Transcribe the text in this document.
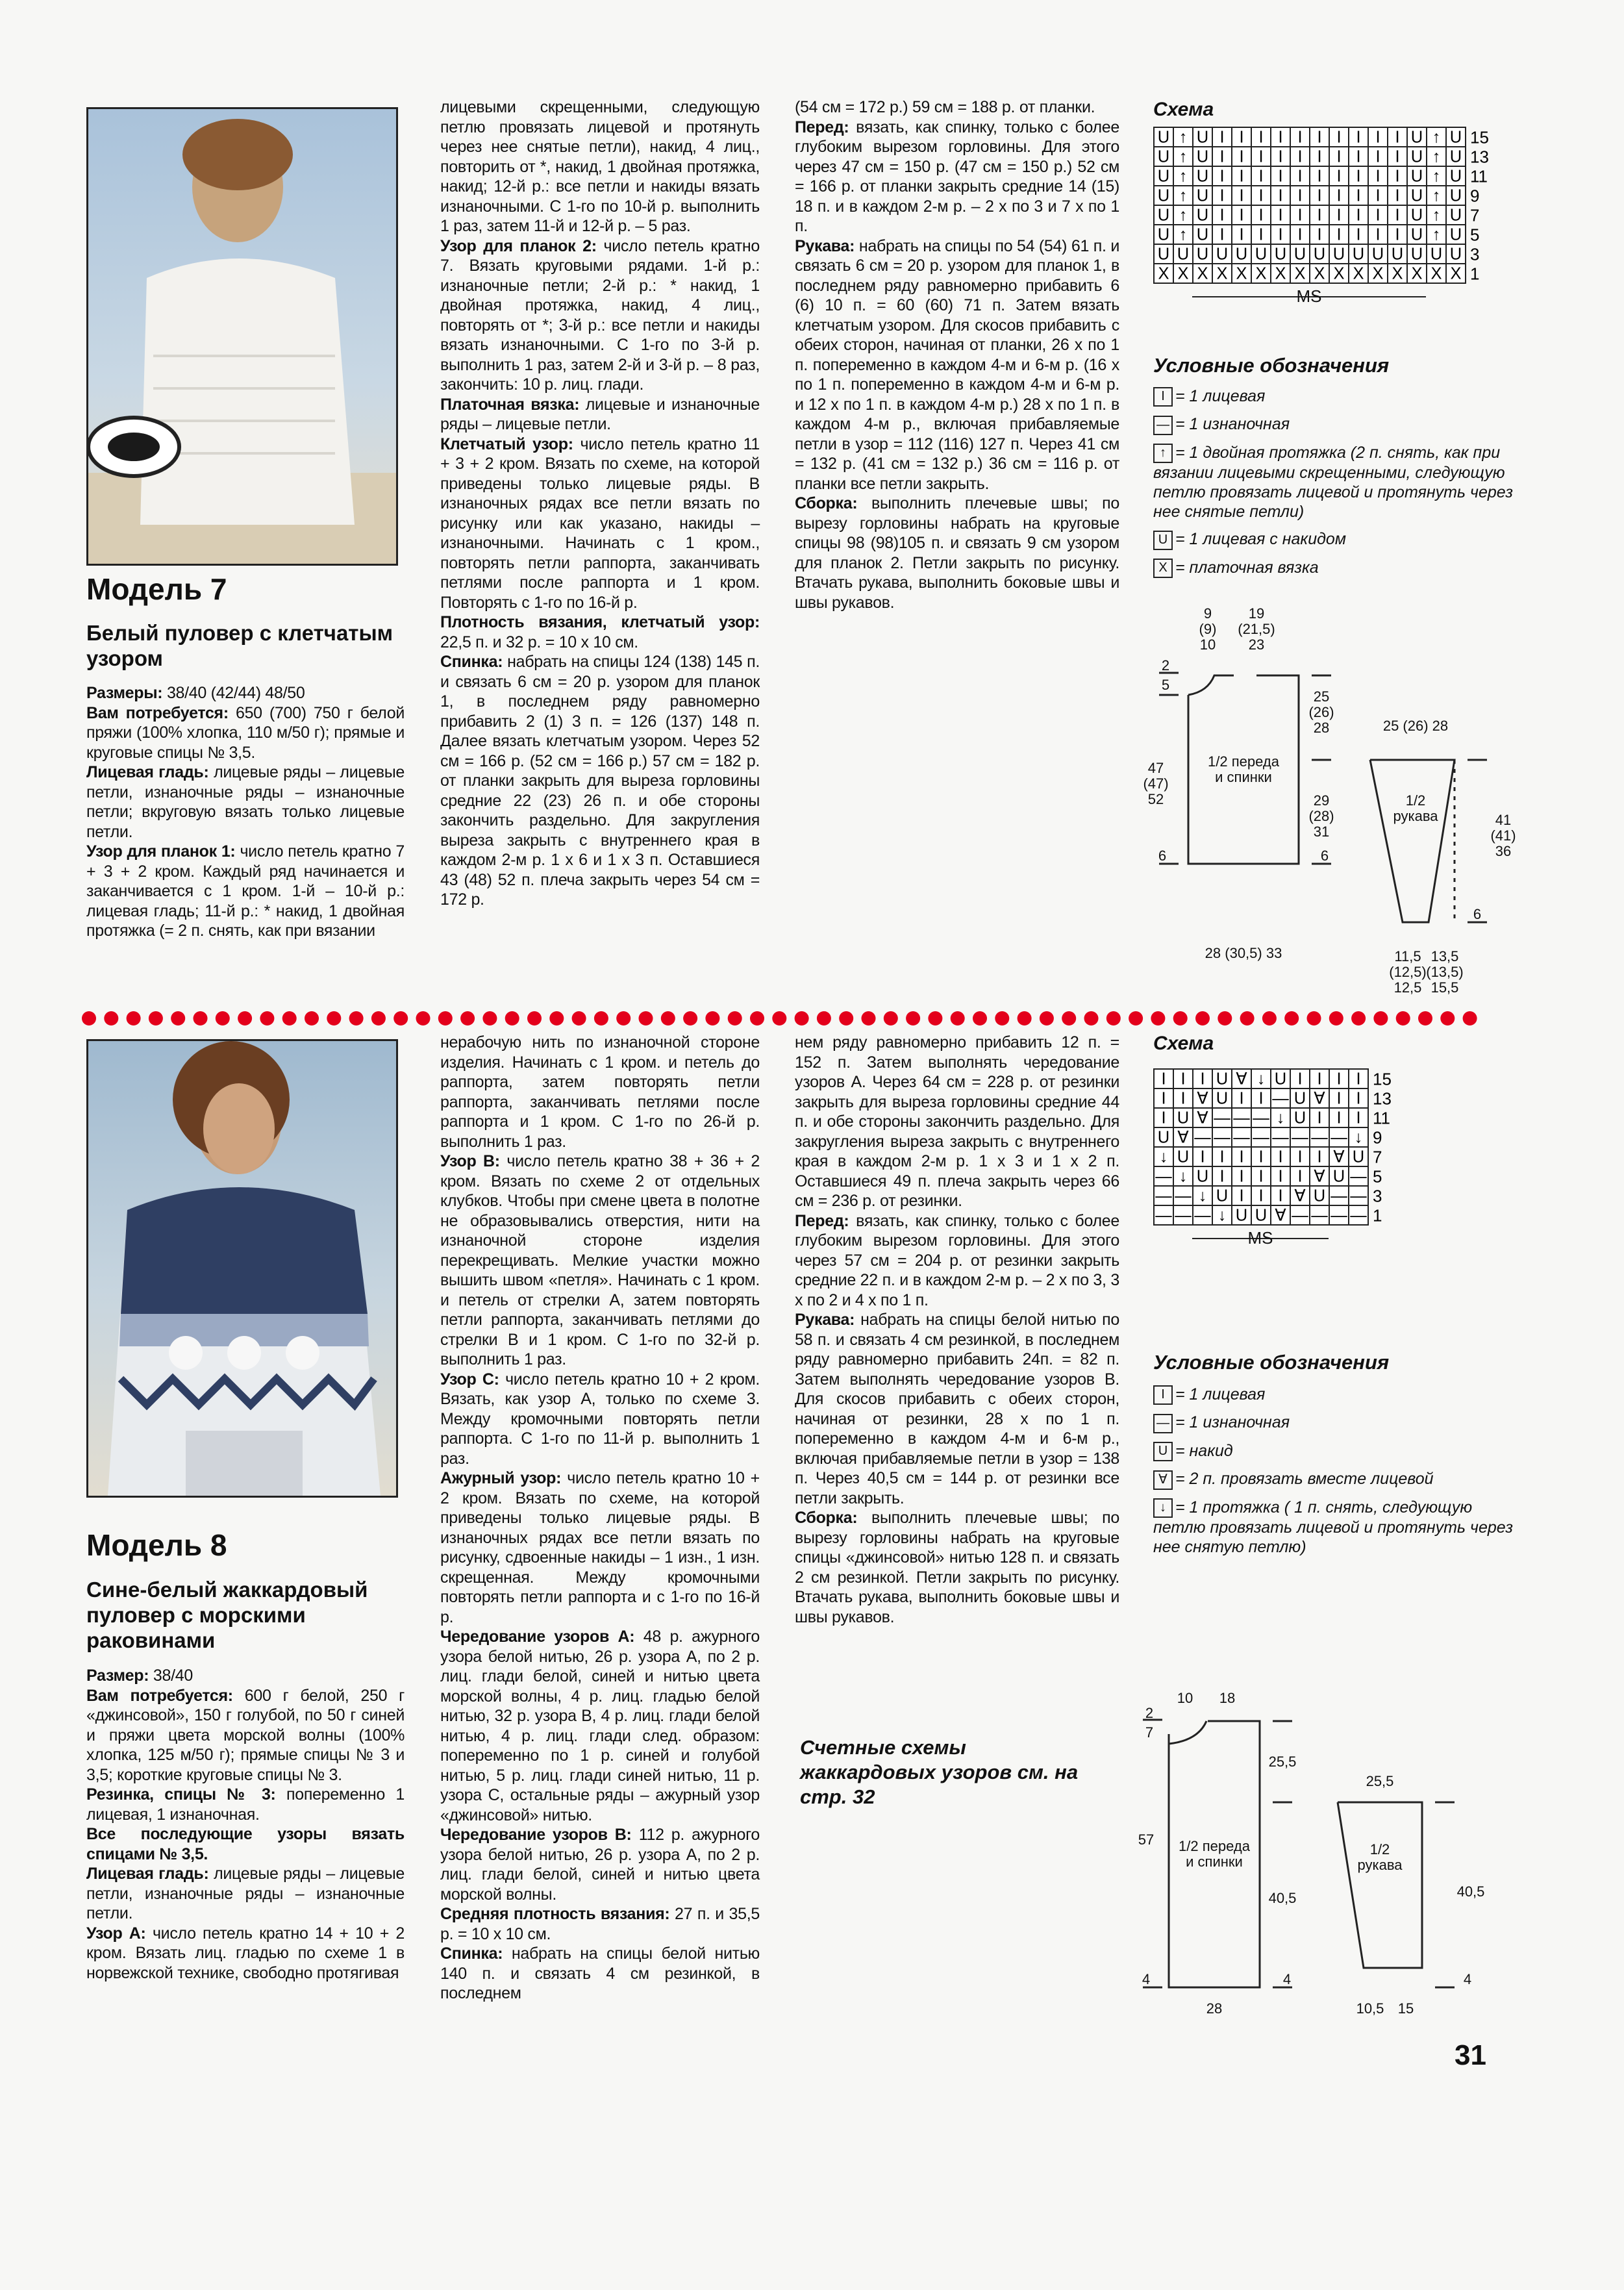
Модель 7
Белый пуловер с клетчатым узором

Размеры: 38/40 (42/44) 48/50

Вам потребуется: 650 (700) 750 г белой пряжи (100% хлопка, 110 м/50 г); прямые и круговые спицы № 3,5.

Лицевая гладь: лицевые ряды – лицевые петли, изнаночные ряды – изнаночные петли; вкруговую вязать только лицевые петли.

Узор для планок 1: число петель кратно 7 + 3 + 2 кром. Каждый ряд начинается и заканчивается с 1 кром. 1-й – 10-й р.: лицевая гладь; 11-й р.: * накид, 1 двойная протяжка (= 2 п. снять, как при вязании

лицевыми скрещенными, следующую петлю провязать лицевой и протянуть через нее снятые петли), накид, 4 лиц., повторить от *, накид, 1 двойная протяжка, накид; 12-й р.: все петли и накиды вязать изнаночными. С 1-го по 10-й р. выполнить 1 раз, затем 11-й и 12-й р. – 5 раз.

Узор для планок 2: число петель кратно 7. Вязать круговыми рядами. 1-й р.: изнаночные петли; 2-й р.: * накид, 1 двойная протяжка, накид, 4 лиц., повторять от *; 3-й р.: все петли и накиды вязать изнаночными. С 1-го по 3-й р. выполнить 1 раз, затем 2-й и 3-й р. – 8 раз, закончить: 10 р. лиц. глади.

Платочная вязка: лицевые и изнаночные ряды – лицевые петли.

Клетчатый узор: число петель кратно 11 + 3 + 2 кром. Вязать по схеме, на которой приведены только лицевые ряды. В изнаночных рядах все петли вязать по рисунку или как указано, накиды – изнаночными. Начинать с 1 кром., повторять петли раппорта, заканчивать петлями после раппорта и 1 кром. Повторять с 1-го по 16-й р.

Плотность вязания, клетчатый узор: 22,5 п. и 32 р. = 10 х 10 см.

Спинка: набрать на спицы 124 (138) 145 п. и связать 6 см = 20 р. узором для планок 1, в последнем ряду равномерно прибавить 2 (1) 3 п. = 126 (137) 148 п. Далее вязать клетчатым узором. Через 52 см = 166 р. (52 см = 166 р.) 57 см = 182 р. от планки закрыть для выреза горловины средние 22 (23) 26 п. и обе стороны закончить раздельно. Для закругления выреза закрыть с внутреннего края в каждом 2-м р. 1 х 6 и 1 х 3 п. Оставшиеся 43 (48) 52 п. плеча закрыть через 54 см = 172 р.

(54 см = 172 р.) 59 см = 188 р. от планки.

Перед: вязать, как спинку, только с более глубоким вырезом горловины. Для этого через 47 см = 150 р. (47 см = 150 р.) 52 см = 166 р. от планки закрыть средние 14 (15) 18 п. и в каждом 2-м р. – 2 х по 3 и 7 х по 1 п.

Рукава: набрать на спицы по 54 (54) 61 п. и связать 6 см = 20 р. узором для планок 1, в последнем ряду равномерно прибавить 6 (6) 10 п. = 60 (60) 71 п. Затем вязать клетчатым узором. Для скосов прибавить с обеих сторон, начиная от планки, 26 х по 1 п. попеременно в каждом 4-м и 6-м р. (16 х по 1 п. попеременно в каждом 4-м и 6-м р. и 12 х по 1 п. в каждом 4-м р.) 28 х по 1 п. в каждом 4-м р., включая прибавляемые петли в узор = 112 (116) 127 п. Через 41 см = 132 р. (41 см = 132 р.) 36 см = 116 р. от планки все петли закрыть.

Сборка: выполнить плечевые швы; по вырезу горловины набрать на круговые спицы 98 (98)105 п. и связать 9 см узором для планок 2. Петли закрыть по рисунку. Втачать рукава, выполнить боковые швы и швы рукавов.

Схема
U ↑ U I I I I I I I I I I U ↑ U 15
U ↑ U I I I I I I I I I I U ↑ U 13
U ↑ U I I I I I I I I I I U ↑ U 11
U ↑ U I I I I I I I I I I U ↑ U 9
U ↑ U I I I I I I I I I I U ↑ U 7
U ↑ U I I I I I I I I I I U ↑ U 5
U U U U U U U U U U U U U U U U 3
X X X X X X X X X X X X X X X X 1
MS
Условные обозначения
I = 1 лицевая
— = 1 изнаночная
↑ = 1 двойная протяжка (2 п. снять, как при вязании лицевыми скрещенными, следующую петлю провязать лицевой и протянуть через нее снятые петли)
U = 1 лицевая с накидом
X = платочная вязка
9
(9)
10
19
(21,5)
23
2
5
47
(47)
52
25
(26)
28
29
(28)
31
1/2 переда
и спинки
6	6
28 (30,5) 33
25 (26) 28
1/2
рукава	41
(41)
36
6
11,5
(12,5)
12,5
13,5
(13,5)
15,5
Модель 8
Сине-белый жаккардовый пуловер с морскими раковинами

Размер: 38/40

Вам потребуется: 600 г белой, 250 г «джинсовой», 150 г голубой, по 50 г синей и пряжи цвета морской волны (100% хлопка, 125 м/50 г); прямые спицы № 3 и 3,5; короткие круговые спицы № 3.

Резинка, спицы № 3: попеременно 1 лицевая, 1 изнаночная.

Все последующие узоры вязать спицами № 3,5.

Лицевая гладь: лицевые ряды – лицевые петли, изнаночные ряды – изнаночные петли.

Узор А: число петель кратно 14 + 10 + 2 кром. Вязать лиц. гладью по схеме 1 в норвежской технике, свободно протягивая

нерабочую нить по изнаночной стороне изделия. Начинать с 1 кром. и петель до раппорта, затем повторять петли раппорта, заканчивать петлями после раппорта и 1 кром. С 1-го по 26-й р. выполнить 1 раз.

Узор В: число петель кратно 38 + 36 + 2 кром. Вязать по схеме 2 от отдельных клубков. Чтобы при смене цвета в полотне не образовывались отверстия, нити на изнаночной стороне изделия перекрещивать. Мелкие участки можно вышить швом «петля». Начинать с 1 кром. и петель от стрелки А, затем повторять петли раппорта, заканчивать петлями до стрелки В и 1 кром. С 1-го по 32-й р. выполнить 1 раз.

Узор С: число петель кратно 10 + 2 кром. Вязать, как узор А, только по схеме 3. Между кромочными повторять петли раппорта. С 1-го по 11-й р. выполнить 1 раз.

Ажурный узор: число петель кратно 10 + 2 кром. Вязать по схеме, на которой приведены только лицевые ряды. В изнаночных рядах все петли вязать по рисунку, сдвоенные накиды – 1 изн., 1 изн. скрещенная. Между кромочными повторять петли раппорта и с 1-го по 16-й р.

Чередование узоров А: 48 р. ажурного узора белой нитью, 26 р. узора А, по 2 р. лиц. глади белой, синей и нитью цвета морской волны, 4 р. лиц. гладью белой нитью, 32 р. узора В, 4 р. лиц. глади белой нитью, 4 р. лиц. глади след. образом: попеременно по 1 р. синей и голубой нитью, 5 р. лиц. глади синей нитью, 11 р. узора С, остальные ряды – ажурный узор «джинсовой» нитью.

Чередование узоров В: 112 р. ажурного узора белой нитью, 26 р. узора А, по 2 р. лиц. глади белой, синей и нитью цвета морской волны.

Средняя плотность вязания: 27 п. и 35,5 р. = 10 х 10 см.

Спинка: набрать на спицы белой нитью 140 п. и связать 4 см резинкой, в последнем

нем ряду равномерно прибавить 12 п. = 152 п. Затем выполнять чередование узоров А. Через 64 см = 228 р. от резинки закрыть для выреза горловины средние 44 п. и обе стороны закончить раздельно. Для закругления выреза закрыть с внутреннего края в каждом 2-м р. 1 х 3 и 1 х 2 п. Оставшиеся 49 п. плеча закрыть через 66 см = 236 р. от резинки.

Перед: вязать, как спинку, только с более глубоким вырезом горловины. Для этого через 57 см = 204 р. от резинки закрыть средние 22 п. и в каждом 2-м р. – 2 х по 3, 3 х по 2 и 4 х по 1 п.

Рукава: набрать на спицы белой нитью по 58 п. и связать 4 см резинкой, в последнем ряду равномерно прибавить 24п. = 82 п. Затем выполнять чередование узоров В. Для скосов прибавить с обеих сторон, начиная от резинки, 28 х по 1 п. попеременно в каждом 4-м и 6-м р., включая прибавляемые петли в узор = 138 п. Через 40,5 см = 144 р. от резинки все петли закрыть.

Сборка: выполнить плечевые швы; по вырезу горловины набрать на круговые спицы «джинсовой» нитью 128 п. и связать 2 см резинкой. Петли закрыть по рисунку. Втачать рукава, выполнить боковые швы и швы рукавов.

Счетные схемы жаккардовых узоров см. на стр. 32
Схема
I I I U ∀ ↓ U I I I I 15
I I ∀ U I I — U ∀ I I 13
I U ∀ — — — ↓ U I I I 11
U ∀ — — — — — — — — ↓ 9
↓ U I I I I I I I ∀ U 7
— ↓ U I I I I I ∀ U — 5
— — ↓ U I I I ∀ U — — 3
— — — ↓ U U ∀ — — — — 1
MS
Условные обозначения
I = 1 лицевая
— = 1 изнаночная
U = накид
∀ = 2 п. провязать вместе лицевой
↓ = 1 протяжка ( 1 п. снять, следующую петлю провязать лицевой и протянуть через нее снятую петлю)
10 18
2
7
57
25,5
40,5
1/2 переда
и спинки
4	4
28
25,5
1/2
рукава
40,5
4
10,5 15
31
